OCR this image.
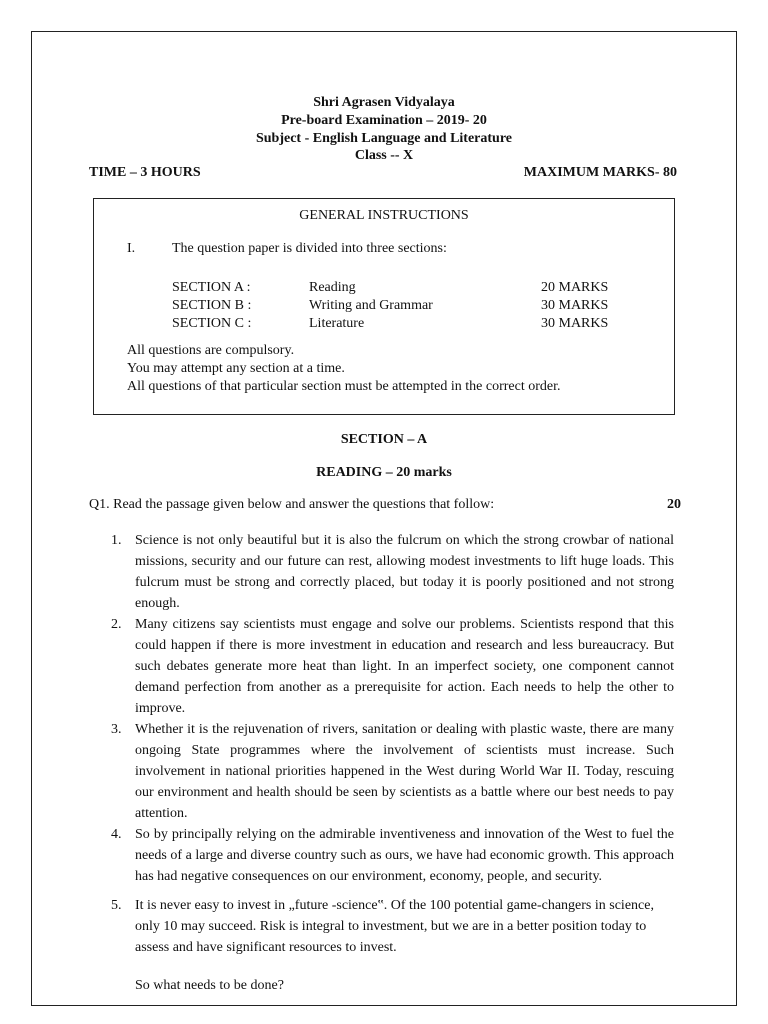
Shri Agrasen Vidyalaya
Pre-board Examination – 2019- 20
Subject - English Language and Literature
Class -- X
TIME – 3 HOURS	MAXIMUM MARKS- 80
GENERAL INSTRUCTIONS
I.	The question paper is divided into three sections:
SECTION A :	Reading	20 MARKS
SECTION B :	Writing and Grammar	30 MARKS
SECTION C :	Literature	30 MARKS
All questions are compulsory.
You may attempt any section at a time.
All questions of that particular section must be attempted in the correct order.
SECTION – A
READING – 20 marks
Q1. Read the passage given below and answer the questions that follow:	20
1. Science is not only beautiful but it is also the fulcrum on which the strong crowbar of national missions, security and our future can rest, allowing modest investments to lift huge loads. This fulcrum must be strong and correctly placed, but today it is poorly positioned and not strong enough.
2. Many citizens say scientists must engage and solve our problems. Scientists respond that this could happen if there is more investment in education and research and less bureaucracy. But such debates generate more heat than light. In an imperfect society, one component cannot demand perfection from another as a prerequisite for action. Each needs to help the other to improve.
3. Whether it is the rejuvenation of rivers, sanitation or dealing with plastic waste, there are many ongoing State programmes where the involvement of scientists must increase. Such involvement in national priorities happened in the West during World War II. Today, rescuing our environment and health should be seen by scientists as a battle where our best needs to pay attention.
4. So by principally relying on the admirable inventiveness and innovation of the West to fuel the needs of a large and diverse country such as ours, we have had economic growth. This approach has had negative consequences on our environment, economy, people, and security.
5. It is never easy to invest in „future -science‟. Of the 100 potential game-changers in science, only 10 may succeed. Risk is integral to investment, but we are in a better position today to assess and have significant resources to invest.
So what needs to be done?
